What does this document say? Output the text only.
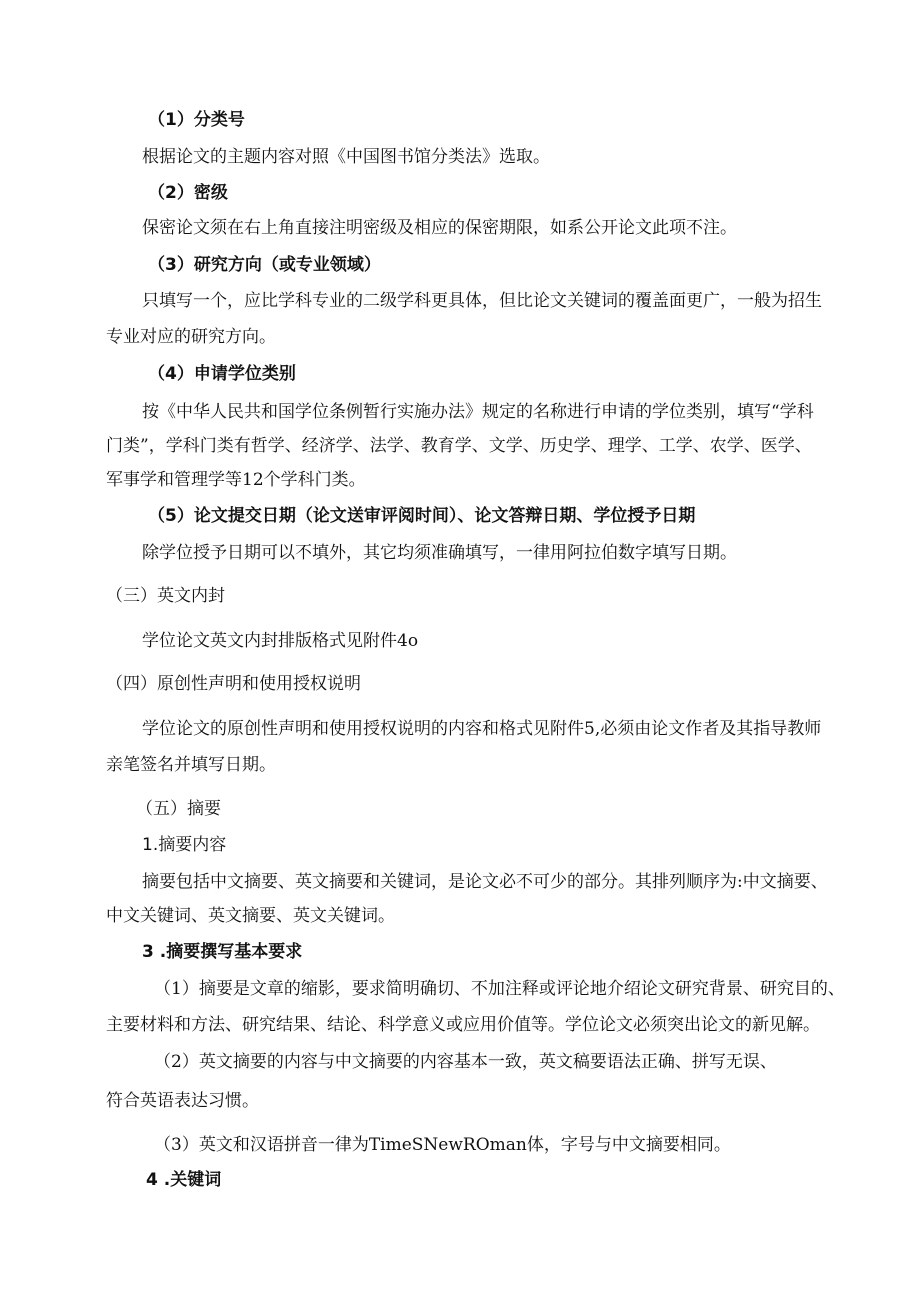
（1）分类号
根据论文的主题内容对照《中国图书馆分类法》选取。
（2）密级
保密论文须在右上角直接注明密级及相应的保密期限，如系公开论文此项不注。
（3）研究方向（或专业领域）
只填写一个，应比学科专业的二级学科更具体，但比论文关键词的覆盖面更广，一般为招生
专业对应的研究方向。
（4）申请学位类别
按《中华人民共和国学位条例暂行实施办法》规定的名称进行申请的学位类别，填写“学科
门类”，学科门类有哲学、经济学、法学、教育学、文学、历史学、理学、工学、农学、医学、
军事学和管理学等12个学科门类。
（5）论文提交日期（论文送审评阅时间）、论文答辩日期、学位授予日期
除学位授予日期可以不填外，其它均须准确填写，一律用阿拉伯数字填写日期。
（三）英文内封
学位论文英文内封排版格式见附件4o
（四）原创性声明和使用授权说明
学位论文的原创性声明和使用授权说明的内容和格式见附件5,必须由论文作者及其指导教师
亲笔签名并填写日期。
（五）摘要
1.摘要内容
摘要包括中文摘要、英文摘要和关键词，是论文必不可少的部分。其排列顺序为:中文摘要、
中文关键词、英文摘要、英文关键词。
3 .摘要撰写基本要求
（1）摘要是文章的缩影，要求简明确切、不加注释或评论地介绍论文研究背景、研究目的、
主要材料和方法、研究结果、结论、科学意义或应用价值等。学位论文必须突出论文的新见解。
（2）英文摘要的内容与中文摘要的内容基本一致，英文稿要语法正确、拼写无误、
符合英语表达习惯。
（3）英文和汉语拼音一律为TimeSNewROman体，字号与中文摘要相同。
4 .关键词
